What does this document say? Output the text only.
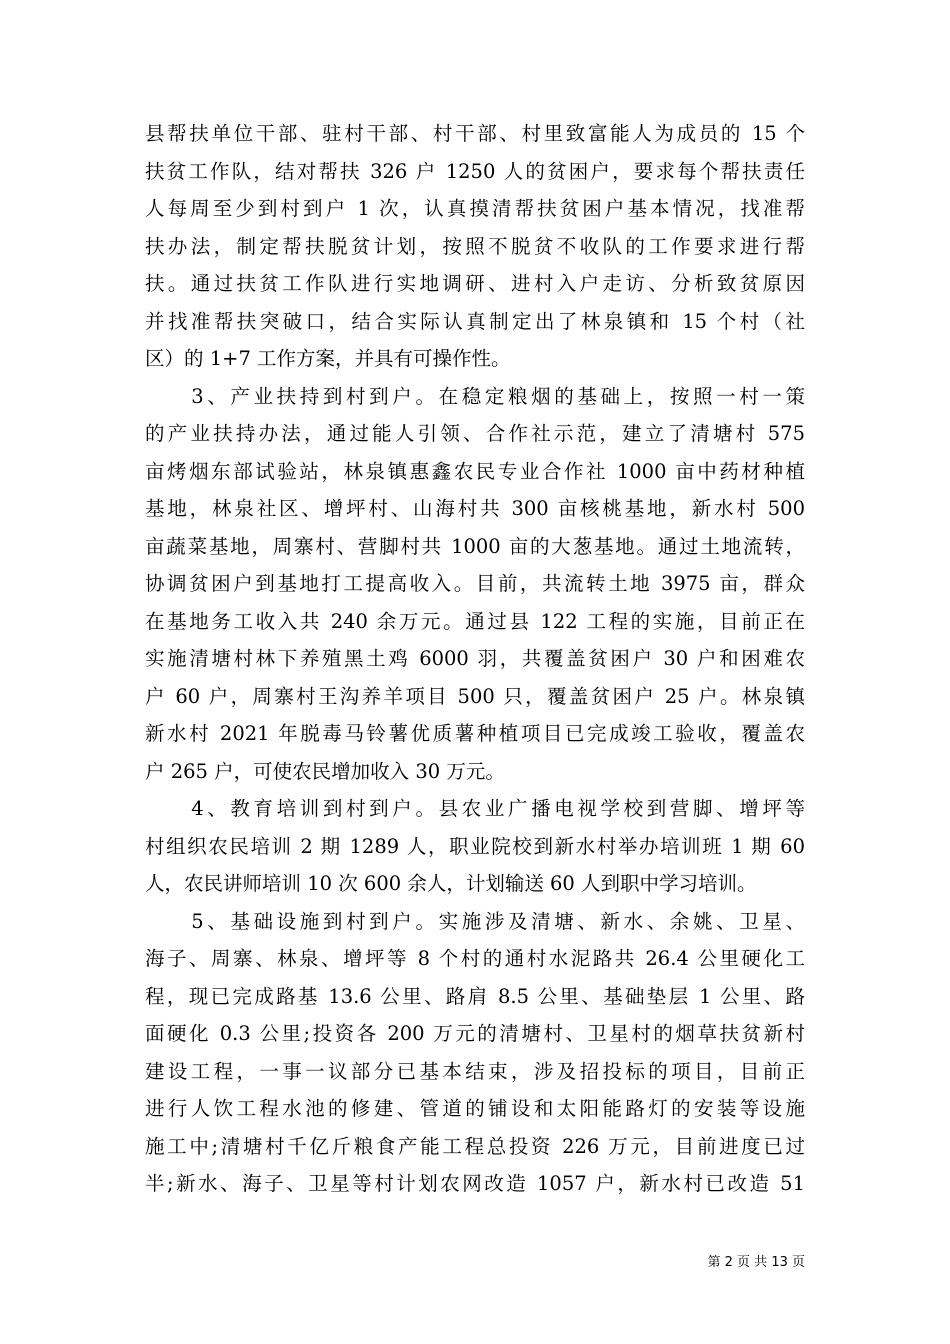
县帮扶单位干部、驻村干部、村干部、村里致富能人为成员的 15 个
扶贫工作队，结对帮扶 326 户 1250 人的贫困户，要求每个帮扶责任
人每周至少到村到户 1 次，认真摸清帮扶贫困户基本情况，找准帮
扶办法，制定帮扶脱贫计划，按照不脱贫不收队的工作要求进行帮
扶。通过扶贫工作队进行实地调研、进村入户走访、分析致贫原因
并找准帮扶突破口，结合实际认真制定出了林泉镇和 15 个村（社
区）的 1+7 工作方案，并具有可操作性。
　　3、产业扶持到村到户。在稳定粮烟的基础上，按照一村一策
的产业扶持办法，通过能人引领、合作社示范，建立了清塘村 575
亩烤烟东部试验站，林泉镇惠鑫农民专业合作社 1000 亩中药材种植
基地，林泉社区、增坪村、山海村共 300 亩核桃基地，新水村 500
亩蔬菜基地，周寨村、营脚村共 1000 亩的大葱基地。通过土地流转，
协调贫困户到基地打工提高收入。目前，共流转土地 3975 亩，群众
在基地务工收入共 240 余万元。通过县 122 工程的实施，目前正在
实施清塘村林下养殖黑土鸡 6000 羽，共覆盖贫困户 30 户和困难农
户 60 户，周寨村王沟养羊项目 500 只，覆盖贫困户 25 户。林泉镇
新水村 2021 年脱毒马铃薯优质薯种植项目已完成竣工验收，覆盖农
户 265 户，可使农民增加收入 30 万元。
　　4、教育培训到村到户。县农业广播电视学校到营脚、增坪等
村组织农民培训 2 期 1289 人，职业院校到新水村举办培训班 1 期 60
人，农民讲师培训 10 次 600 余人，计划输送 60 人到职中学习培训。
　　5、基础设施到村到户。实施涉及清塘、新水、余姚、卫星、
海子、周寨、林泉、增坪等 8 个村的通村水泥路共 26.4 公里硬化工
程，现已完成路基 13.6 公里、路肩 8.5 公里、基础垫层 1 公里、路
面硬化 0.3 公里;投资各 200 万元的清塘村、卫星村的烟草扶贫新村
建设工程，一事一议部分已基本结束，涉及招投标的项目，目前正
进行人饮工程水池的修建、管道的铺设和太阳能路灯的安装等设施
施工中;清塘村千亿斤粮食产能工程总投资 226 万元，目前进度已过
半;新水、海子、卫星等村计划农网改造 1057 户，新水村已改造 51
第 2 页 共 13 页
